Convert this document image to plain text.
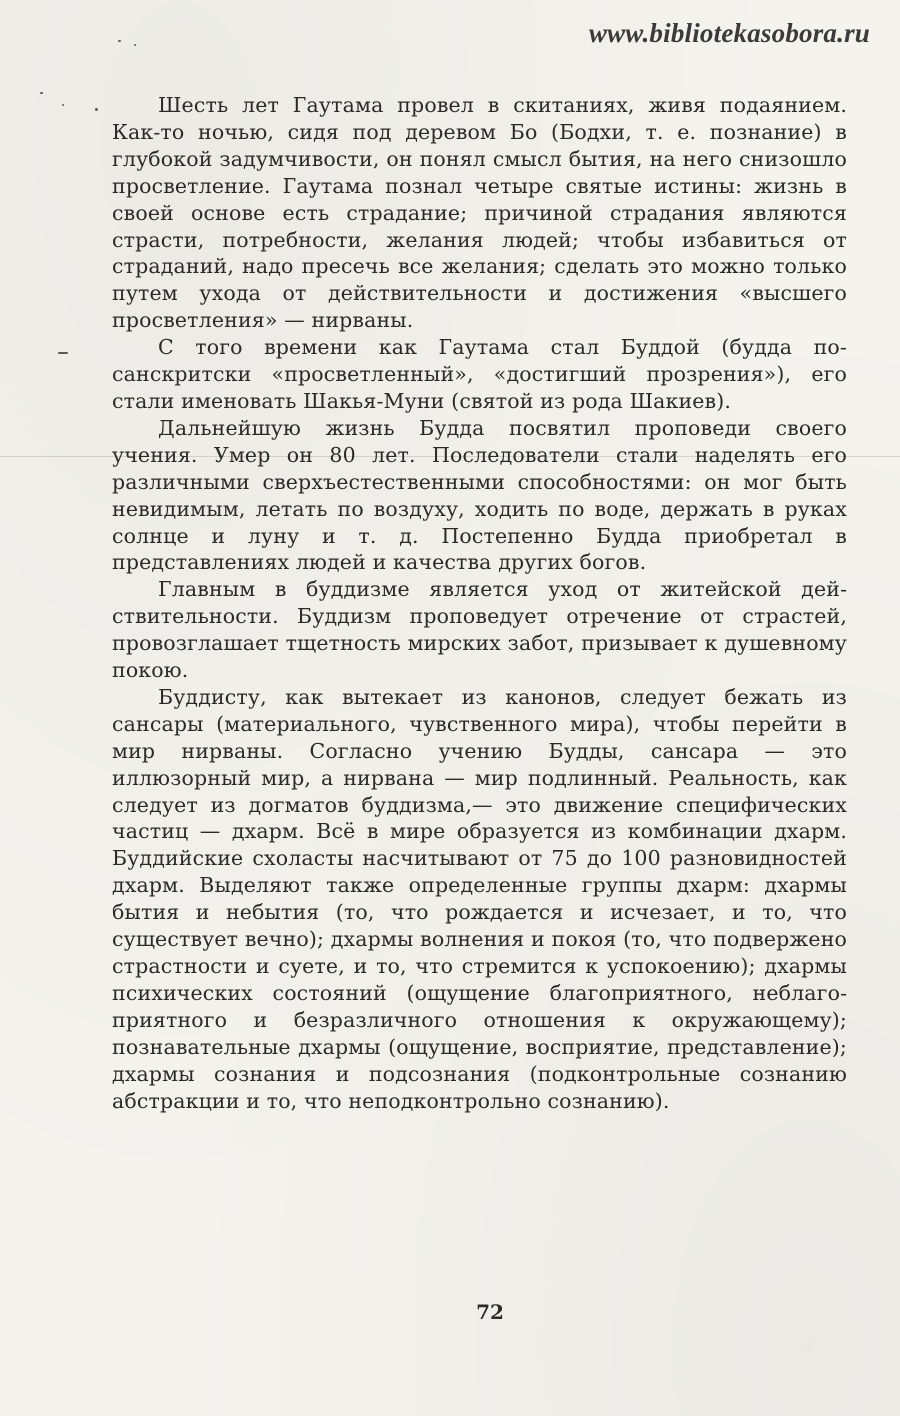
www.bibliotekasobora.ru

Шесть лет Гаутама провел в скитаниях, живя подаянием. Как-то ночью, сидя под деревом Бо (Бодхи, т. е. познание) в глубокой задумчивости, он понял смысл бытия, на него снизошло просветление. Гаутама познал четыре святые истины: жизнь в своей основе есть страдание; причиной страдания являются страсти, потребности, желания людей; чтобы избавиться от страданий, надо пресечь все желания; сделать это можно только путем ухода от действительности и достижения «высшего просветления» — нирваны.

С того времени как Гаутама стал Буддой (будда по-санскритски «просветленный», «достигший прозрения»), его стали именовать Шакья-Муни (святой из рода Шакиев).

Дальнейшую жизнь Будда посвятил проповеди своего учения. Умер он 80 лет. Последователи стали наделять его различными сверхъестественными способностями: он мог быть невидимым, летать по воздуху, ходить по воде, держать в руках солнце и луну и т. д. Постепенно Будда приобретал в представлениях людей и качества других богов.

Главным в буддизме является уход от житейской действительности. Буддизм проповедует отречение от страстей, провозглашает тщетность мирских забот, призывает к душевному покою.

Буддисту, как вытекает из канонов, следует бежать из сансары (материального, чувственного мира), чтобы перейти в мир нирваны. Согласно учению Будды, сансара — это иллюзорный мир, а нирвана — мир подлинный. Реальность, как следует из догматов буддизма,— это движение специфических частиц — дхарм. Всё в мире образуется из комбинации дхарм. Буддийские схоласты насчитывают от 75 до 100 разновидностей дхарм. Выделяют также определенные группы дхарм: дхармы бытия и небытия (то, что рождается и исчезает, и то, что существует вечно); дхармы волнения и покоя (то, что подвержено страстности и суете, и то, что стремится к успокоению); дхармы психических состояний (ощущение благоприятного, неблагоприятного и безразличного отношения к окружающему); познавательные дхармы (ощущение, восприятие, представление); дхармы сознания и подсознания (подконтрольные сознанию абстракции и то, что неподконтрольно сознанию).

72
